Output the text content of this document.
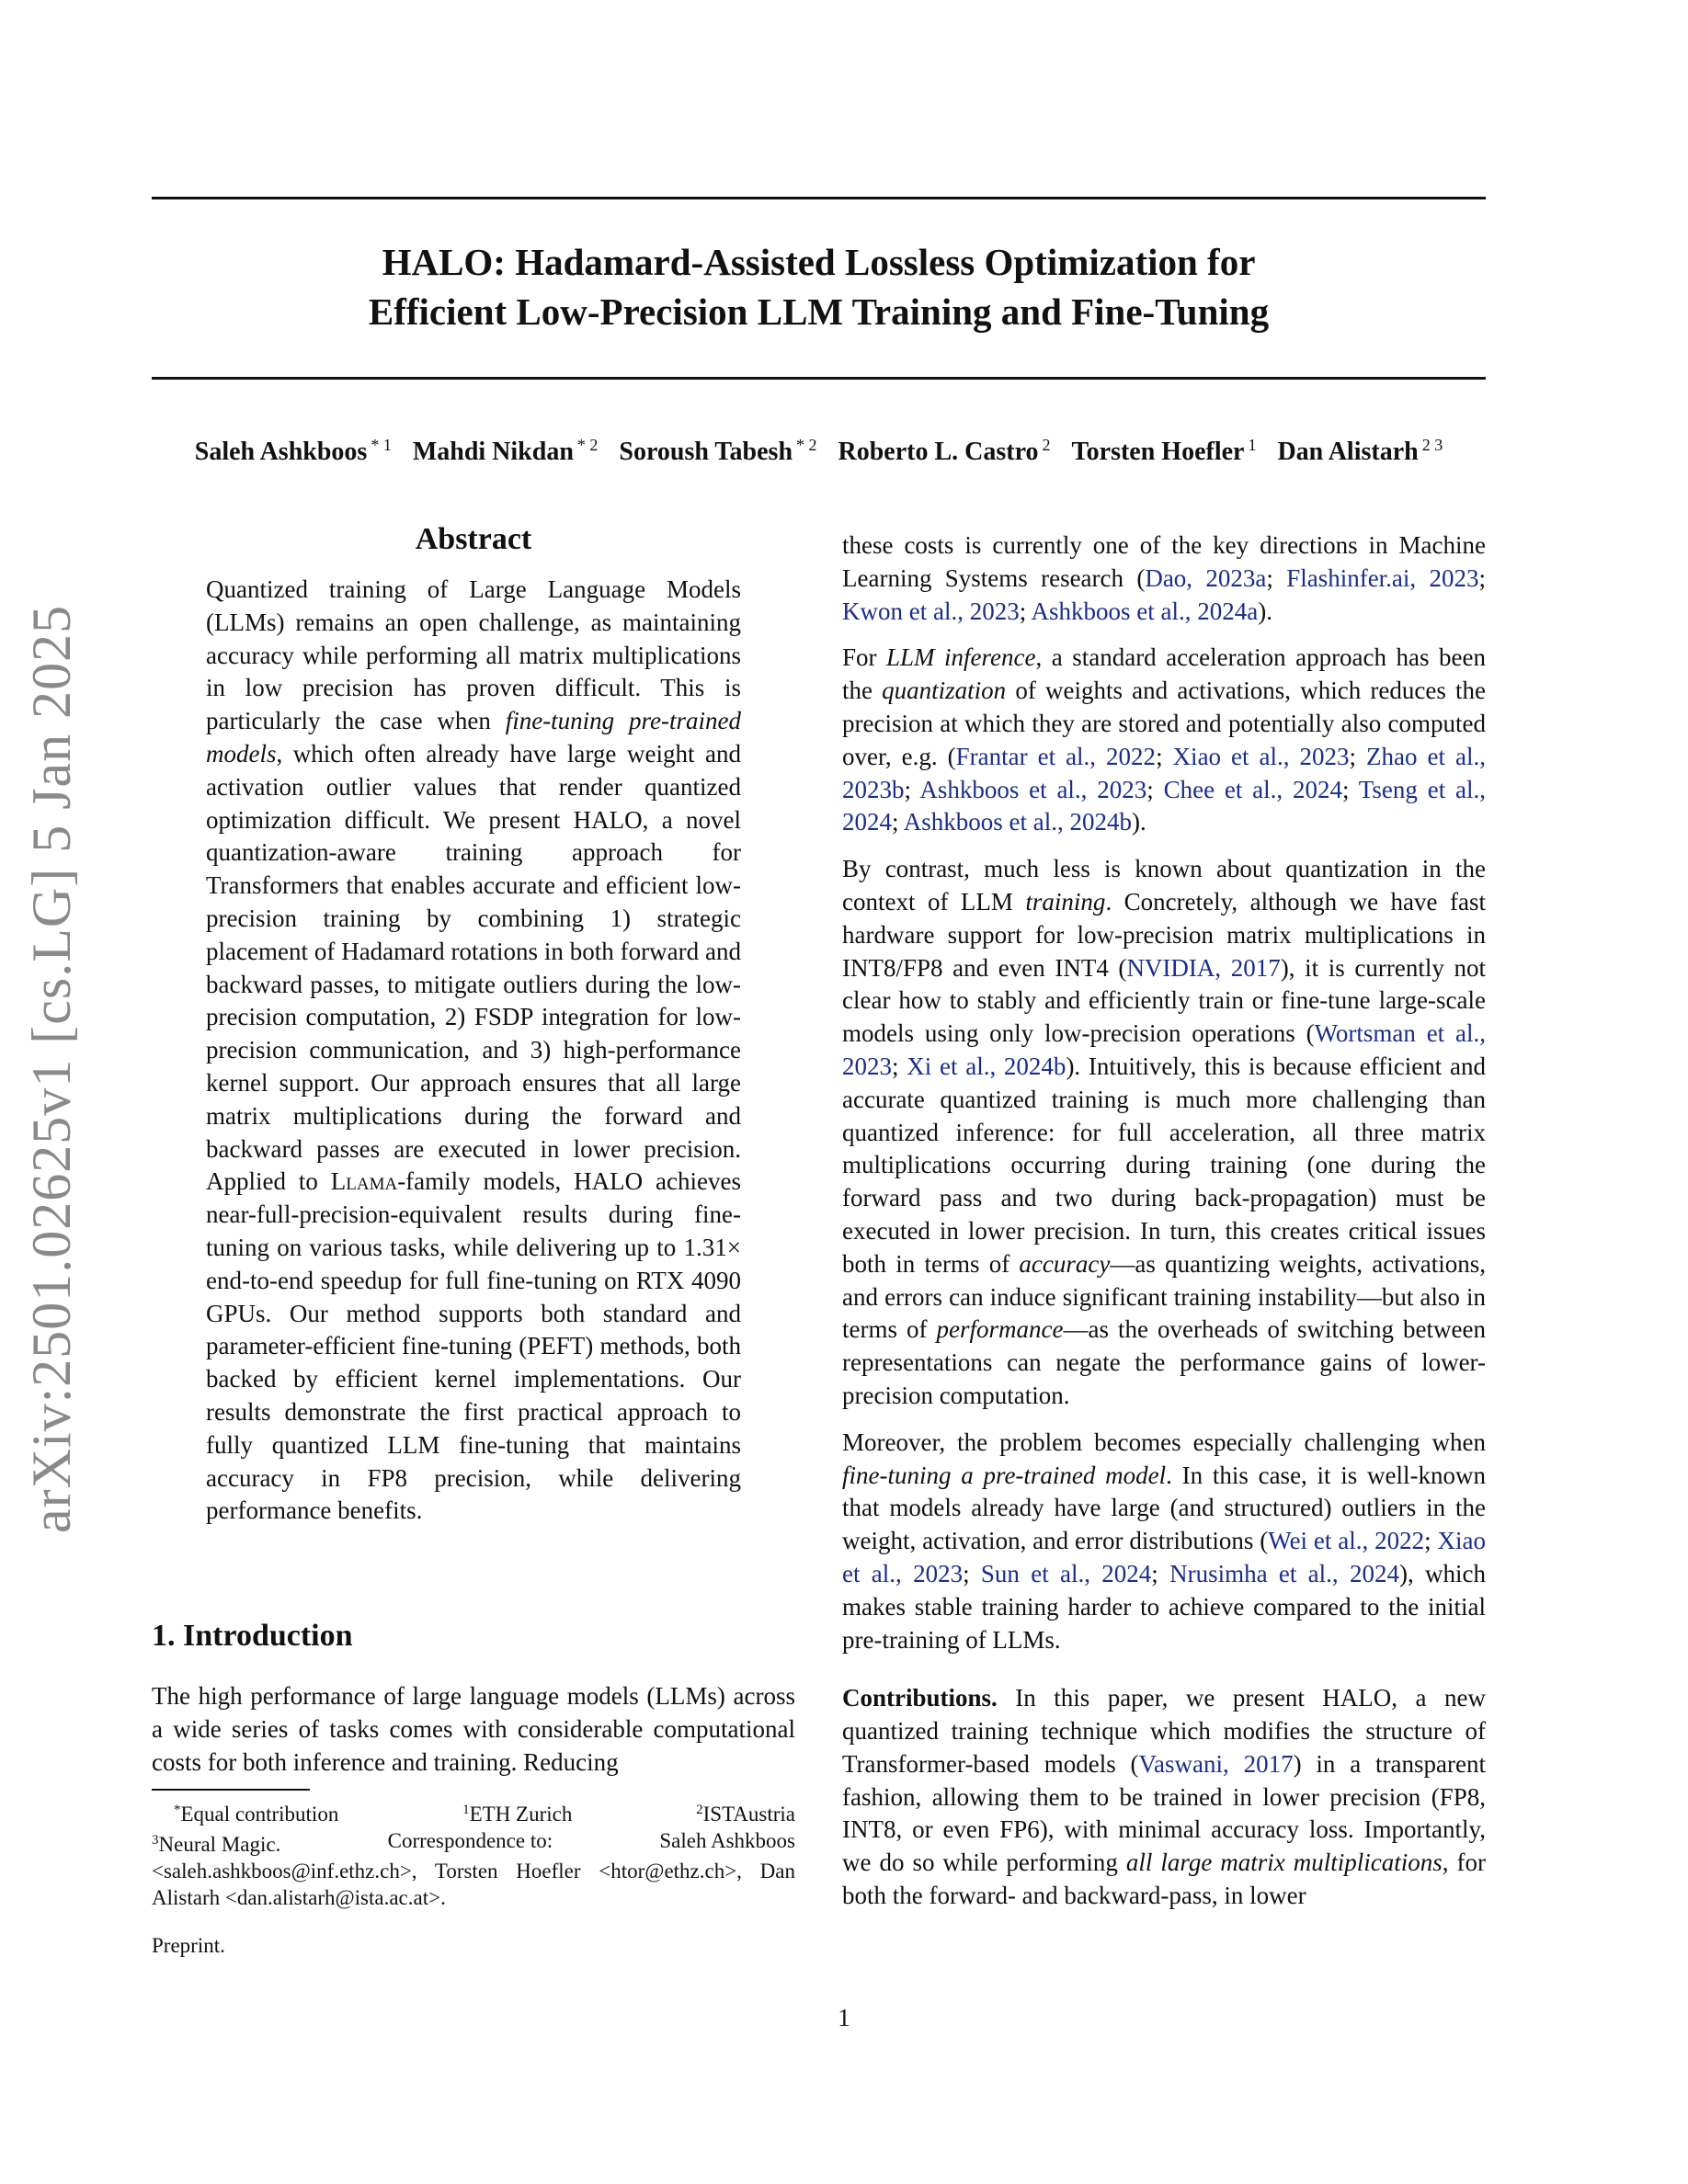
HALO: Hadamard-Assisted Lossless Optimization for
Efficient Low-Precision LLM Training and Fine-Tuning
Saleh Ashkboos $^{* 1}$ Mahdi Nikdan $^{* 2}$ Soroush Tabesh $^{* 2}$ Roberto L. Castro $^2$ Torsten Hoefler $^1$ Dan Alistarh $^{2 3}$
arXiv:2501.02625v1 [cs.LG] 5 Jan 2025
Abstract

Quantized training of Large Language Models (LLMs) remains an open challenge, as maintaining accuracy while performing all matrix multiplications in low precision has proven difficult. This is particularly the case when fine-tuning pre-trained models, which often already have large weight and activation outlier values that render quantized optimization difficult. We present HALO, a novel quantization-aware training approach for Transformers that enables accurate and efficient low-precision training by combining 1) strategic placement of Hadamard rotations in both forward and backward passes, to mitigate outliers during the low-precision computation, 2) FSDP integration for low-precision communication, and 3) high-performance kernel support. Our approach ensures that all large matrix multiplications during the forward and backward passes are executed in lower precision. Applied to Llama-family models, HALO achieves near-full-precision-equivalent results during fine-tuning on various tasks, while delivering up to 1.31× end-to-end speedup for full fine-tuning on RTX 4090 GPUs. Our method supports both standard and parameter-efficient fine-tuning (PEFT) methods, both backed by efficient kernel implementations. Our results demonstrate the first practical approach to fully quantized LLM fine-tuning that maintains accuracy in FP8 precision, while delivering performance benefits.

1. Introduction

The high performance of large language models (LLMs) across a wide series of tasks comes with considerable computational costs for both inference and training. Reducing

*Equal contribution	$^1$ETH Zurich	$^2$ISTAustria
$^3$Neural Magic.	Correspondence to:	Saleh Ashkboos
<saleh.ashkboos@inf.ethz.ch>, Torsten Hoefler <htor@ethz.ch>, Dan Alistarh <dan.alistarh@ista.ac.at>.
Preprint.

these costs is currently one of the key directions in Machine Learning Systems research (Dao, 2023a; Flashinfer.ai, 2023; Kwon et al., 2023; Ashkboos et al., 2024a).

For LLM inference, a standard acceleration approach has been the quantization of weights and activations, which reduces the precision at which they are stored and potentially also computed over, e.g. (Frantar et al., 2022; Xiao et al., 2023; Zhao et al., 2023b; Ashkboos et al., 2023; Chee et al., 2024; Tseng et al., 2024; Ashkboos et al., 2024b).

By contrast, much less is known about quantization in the context of LLM training. Concretely, although we have fast hardware support for low-precision matrix multiplications in INT8/FP8 and even INT4 (NVIDIA, 2017), it is currently not clear how to stably and efficiently train or fine-tune large-scale models using only low-precision operations (Wortsman et al., 2023; Xi et al., 2024b). Intuitively, this is because efficient and accurate quantized training is much more challenging than quantized inference: for full acceleration, all three matrix multiplications occurring during training (one during the forward pass and two during back-propagation) must be executed in lower precision. In turn, this creates critical issues both in terms of accuracy—as quantizing weights, activations, and errors can induce significant training instability—but also in terms of performance—as the overheads of switching between representations can negate the performance gains of lower-precision computation.

Moreover, the problem becomes especially challenging when fine-tuning a pre-trained model. In this case, it is well-known that models already have large (and structured) outliers in the weight, activation, and error distributions (Wei et al., 2022; Xiao et al., 2023; Sun et al., 2024; Nrusimha et al., 2024), which makes stable training harder to achieve compared to the initial pre-training of LLMs.

Contributions. In this paper, we present HALO, a new quantized training technique which modifies the structure of Transformer-based models (Vaswani, 2017) in a transparent fashion, allowing them to be trained in lower precision (FP8, INT8, or even FP6), with minimal accuracy loss. Importantly, we do so while performing all large matrix multiplications, for both the forward- and backward-pass, in lower

1
